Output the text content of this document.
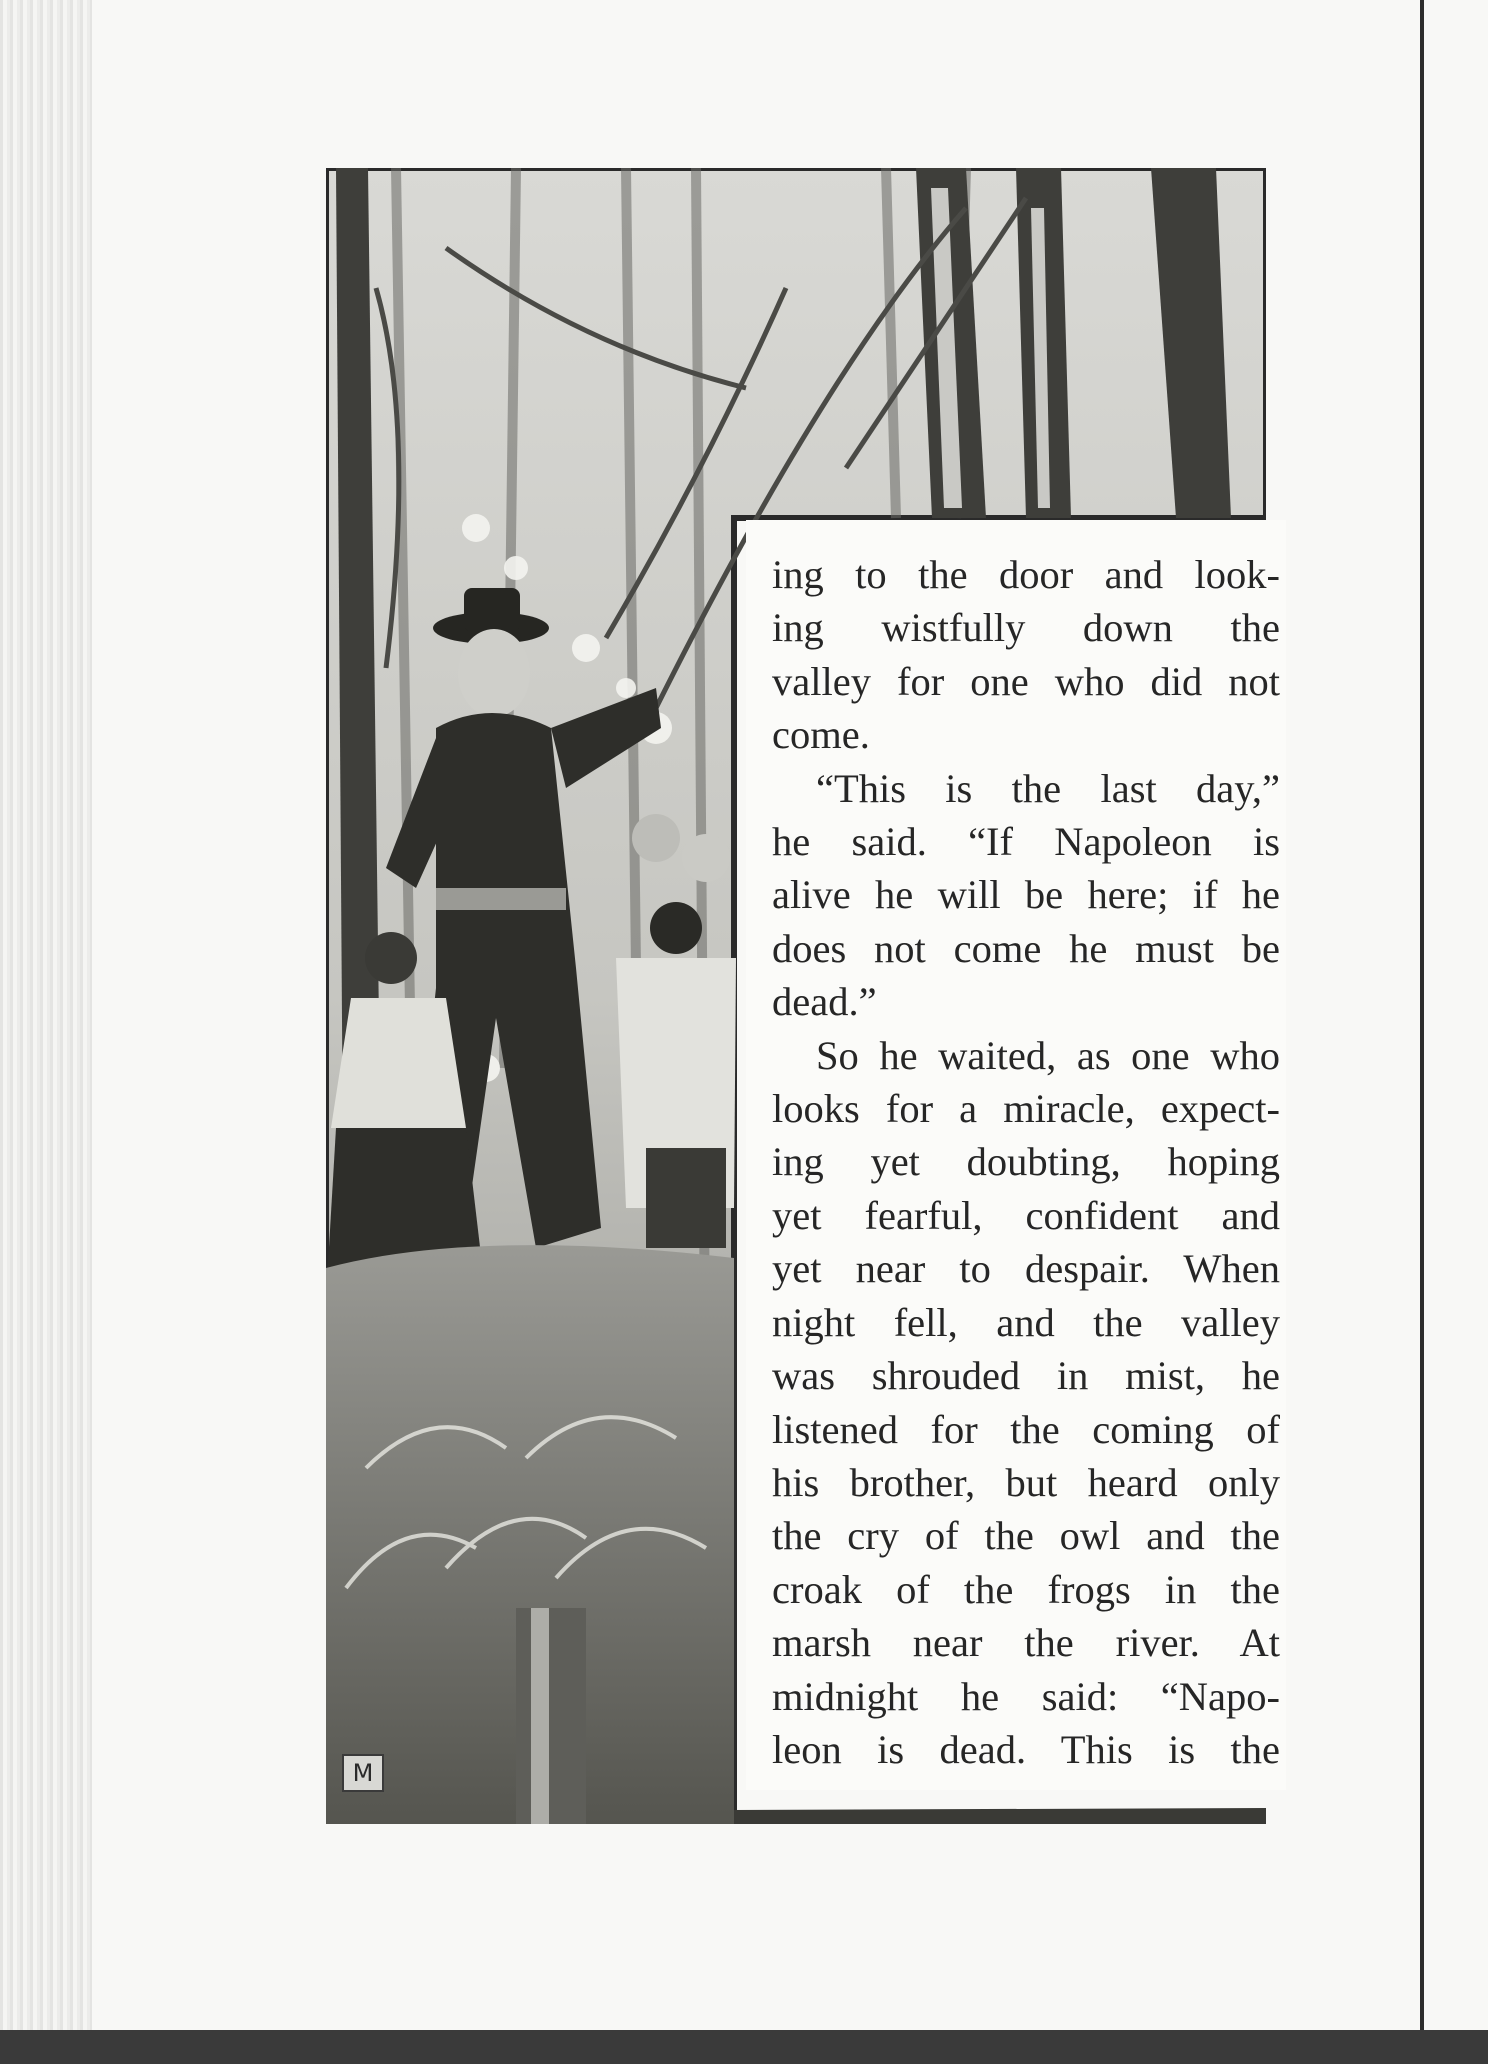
M

ing to the door and look-
ing wistfully down the
valley for one who did not
come.

“This is the last day,”
he said. “If Napoleon is
alive he will be here; if he
does not come he must be
dead.”

So he waited, as one who
looks for a miracle, expect-
ing yet doubting, hoping
yet fearful, confident and
yet near to despair. When
night fell, and the valley
was shrouded in mist, he
listened for the coming of
his brother, but heard only
the cry of the owl and the
croak of the frogs in the
marsh near the river. At
midnight he said: “Napo-
leon is dead. This is the
